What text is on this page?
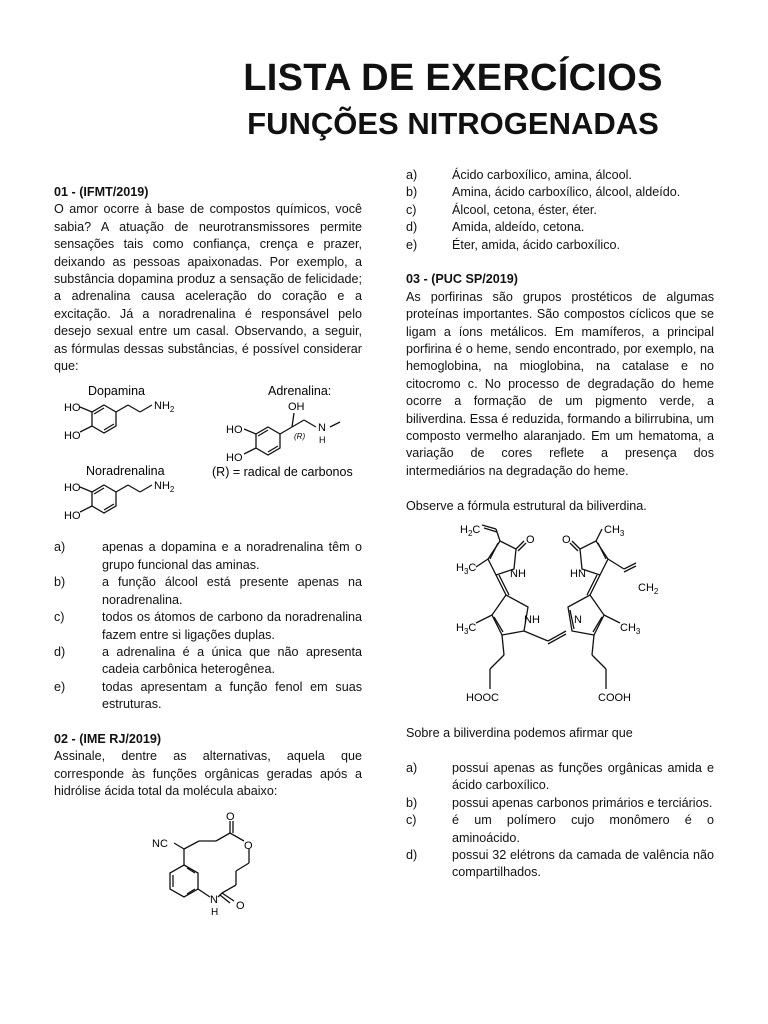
LISTA DE EXERCÍCIOS
FUNÇÕES NITROGENADAS

01 - (IFMT/2019)

O amor ocorre à base de compostos químicos, você sabia? A atuação de neurotransmissores permite sensações tais como confiança, crença e prazer, deixando as pessoas apaixonadas. Por exemplo, a substância dopamina produz a sensação de felicidade; a adrenalina causa aceleração do coração e a excitação. Já a noradrenalina é responsável pelo desejo sexual entre um casal. Observando, a seguir, as fórmulas dessas substâncias, é possível considerar que:

Dopamina
HO
HO
$NH_2$
Adrenalina:
OH
(R)
N
H
HO
HO
(R) = radical de carbonos
Noradrenalina
HO
HO
$NH_2$
a)	apenas a dopamina e a noradrenalina têm o grupo funcional das aminas.
b)	a função álcool está presente apenas na noradrenalina.
c)	todos os átomos de carbono da noradrenalina fazem entre si ligações duplas.
d)	a adrenalina é a única que não apresenta cadeia carbônica heterogênea.
e)	todas apresentam a função fenol em suas estruturas.

02 - (IME RJ/2019)

Assinale, dentre as alternativas, aquela que corresponde às funções orgânicas geradas após a hidrólise ácida total da molécula abaixo:

NC
O
O
O
N
H
a)	Ácido carboxílico, amina, álcool.
b)	Amina, ácido carboxílico, álcool, aldeído.
c)	Álcool, cetona, éster, éter.
d)	Amida, aldeído, cetona.
e)	Éter, amida, ácido carboxílico.

03 - (PUC SP/2019)

As porfirinas são grupos prostéticos de algumas proteínas importantes. São compostos cíclicos que se ligam a íons metálicos. Em mamíferos, a principal porfirina é o heme, sendo encontrado, por exemplo, na hemoglobina, na mioglobina, na catalase e no citocromo c. No processo de degradação do heme ocorre a formação de um pigmento verde, a biliverdina. Essa é reduzida, formando a bilirrubina, um composto vermelho alaranjado. Em um hematoma, a variação de cores reflete a presença dos intermediários na degradação do heme.

Observe a fórmula estrutural da biliverdina.

$H_2C$
O O
$CH_3$
$H_3C$	NH	HN
$CH_2$
NH	N
$H_3C$	$CH_3$
HOOC	COOH

Sobre a biliverdina podemos afirmar que

a)	possui apenas as funções orgânicas amida e ácido carboxílico.
b)	possui apenas carbonos primários e terciários.
c)	é um polímero cujo monômero é o aminoácido.
d)	possui 32 elétrons da camada de valência não compartilhados.
